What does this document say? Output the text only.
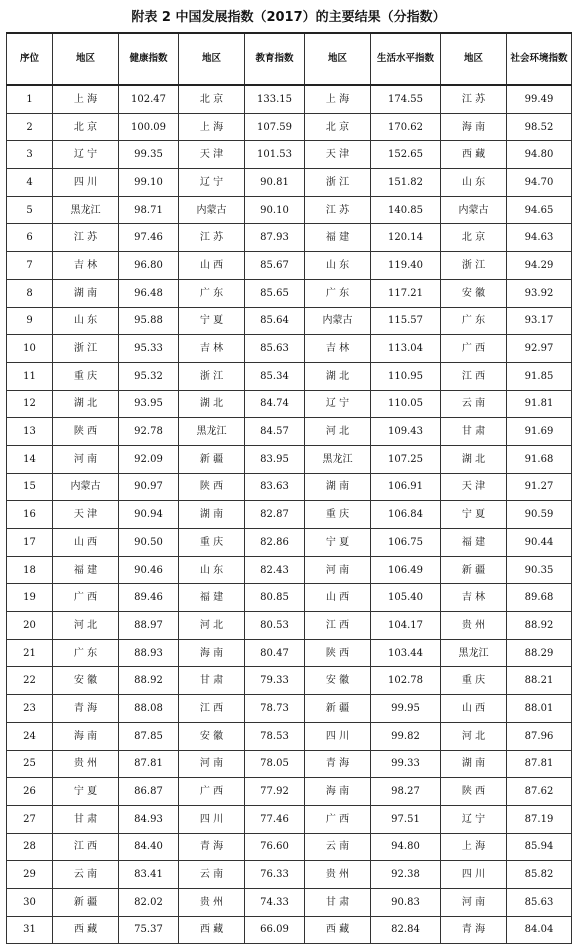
附表 2 中国发展指数（2017）的主要结果（分指数）
序位	地区	健康指数	地区	教育指数	地区	生活水平指数	地区	社会环境指数
1	上 海	102.47	北 京	133.15	上 海	174.55	江 苏	99.49
2	北 京	100.09	上 海	107.59	北 京	170.62	海 南	98.52
3	辽 宁	99.35	天 津	101.53	天 津	152.65	西 藏	94.80
4	四 川	99.10	辽 宁	90.81	浙 江	151.82	山 东	94.70
5	黑龙江	98.71	内蒙古	90.10	江 苏	140.85	内蒙古	94.65
6	江 苏	97.46	江 苏	87.93	福 建	120.14	北 京	94.63
7	吉 林	96.80	山 西	85.67	山 东	119.40	浙 江	94.29
8	湖 南	96.48	广 东	85.65	广 东	117.21	安 徽	93.92
9	山 东	95.88	宁 夏	85.64	内蒙古	115.57	广 东	93.17
10	浙 江	95.33	吉 林	85.63	吉 林	113.04	广 西	92.97
11	重 庆	95.32	浙 江	85.34	湖 北	110.95	江 西	91.85
12	湖 北	93.95	湖 北	84.74	辽 宁	110.05	云 南	91.81
13	陕 西	92.78	黑龙江	84.57	河 北	109.43	甘 肃	91.69
14	河 南	92.09	新 疆	83.95	黑龙江	107.25	湖 北	91.68
15	内蒙古	90.97	陕 西	83.63	湖 南	106.91	天 津	91.27
16	天 津	90.94	湖 南	82.87	重 庆	106.84	宁 夏	90.59
17	山 西	90.50	重 庆	82.86	宁 夏	106.75	福 建	90.44
18	福 建	90.46	山 东	82.43	河 南	106.49	新 疆	90.35
19	广 西	89.46	福 建	80.85	山 西	105.40	吉 林	89.68
20	河 北	88.97	河 北	80.53	江 西	104.17	贵 州	88.92
21	广 东	88.93	海 南	80.47	陕 西	103.44	黑龙江	88.29
22	安 徽	88.92	甘 肃	79.33	安 徽	102.78	重 庆	88.21
23	青 海	88.08	江 西	78.73	新 疆	99.95	山 西	88.01
24	海 南	87.85	安 徽	78.53	四 川	99.82	河 北	87.96
25	贵 州	87.81	河 南	78.05	青 海	99.33	湖 南	87.81
26	宁 夏	86.87	广 西	77.92	海 南	98.27	陕 西	87.62
27	甘 肃	84.93	四 川	77.46	广 西	97.51	辽 宁	87.19
28	江 西	84.40	青 海	76.60	云 南	94.80	上 海	85.94
29	云 南	83.41	云 南	76.33	贵 州	92.38	四 川	85.82
30	新 疆	82.02	贵 州	74.33	甘 肃	90.83	河 南	85.63
31	西 藏	75.37	西 藏	66.09	西 藏	82.84	青 海	84.04
